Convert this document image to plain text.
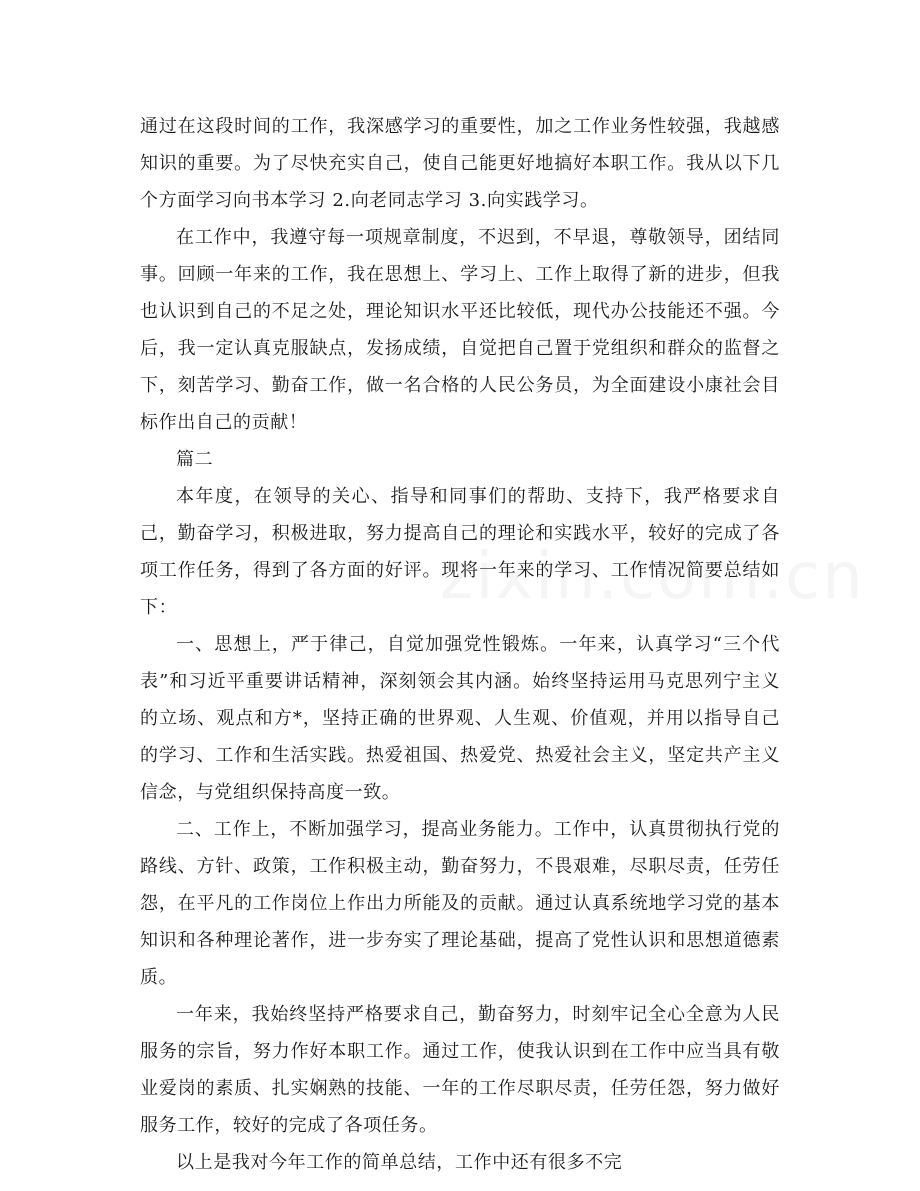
通过在这段时间的工作，我深感学习的重要性，加之工作业务性较强，我越感知识的重要。为了尽快充实自己，使自己能更好地搞好本职工作。我从以下几个方面学习向书本学习 2.向老同志学习 3.向实践学习。

在工作中，我遵守每一项规章制度，不迟到，不早退，尊敬领导，团结同事。回顾一年来的工作，我在思想上、学习上、工作上取得了新的进步，但我也认识到自己的不足之处，理论知识水平还比较低，现代办公技能还不强。今后，我一定认真克服缺点，发扬成绩，自觉把自己置于党组织和群众的监督之下，刻苦学习、勤奋工作，做一名合格的人民公务员，为全面建设小康社会目标作出自己的贡献！

篇二

本年度，在领导的关心、指导和同事们的帮助、支持下，我严格要求自己，勤奋学习，积极进取，努力提高自己的理论和实践水平，较好的完成了各项工作任务，得到了各方面的好评。现将一年来的学习、工作情况简要总结如下：

一、思想上，严于律己，自觉加强党性锻炼。一年来，认真学习“三个代表”和习近平重要讲话精神，深刻领会其内涵。始终坚持运用马克思列宁主义的立场、观点和方*，坚持正确的世界观、人生观、价值观，并用以指导自己的学习、工作和生活实践。热爱祖国、热爱党、热爱社会主义，坚定共产主义信念，与党组织保持高度一致。

二、工作上，不断加强学习，提高业务能力。工作中，认真贯彻执行党的路线、方针、政策，工作积极主动，勤奋努力，不畏艰难，尽职尽责，任劳任怨，在平凡的工作岗位上作出力所能及的贡献。通过认真系统地学习党的基本知识和各种理论著作，进一步夯实了理论基础，提高了党性认识和思想道德素质。

一年来，我始终坚持严格要求自己，勤奋努力，时刻牢记全心全意为人民服务的宗旨，努力作好本职工作。通过工作，使我认识到在工作中应当具有敬业爱岗的素质、扎实娴熟的技能、一年的工作尽职尽责，任劳任怨，努力做好服务工作，较好的完成了各项任务。

以上是我对今年工作的简单总结，工作中还有很多不完
